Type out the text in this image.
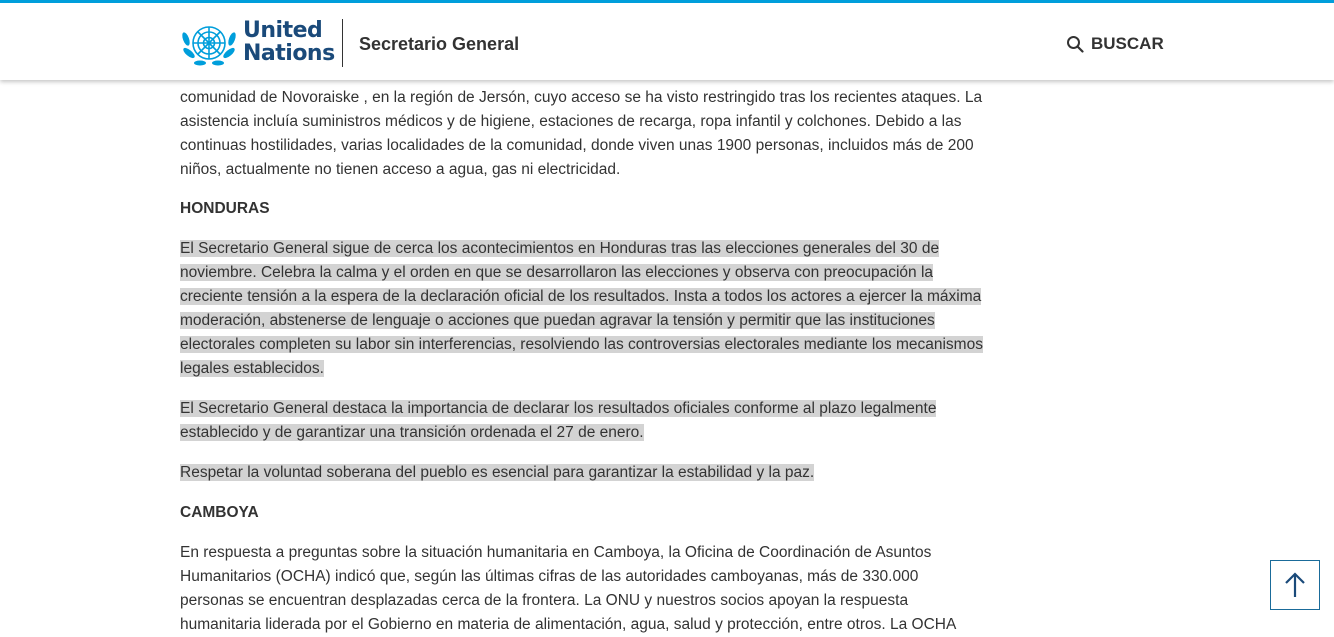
comunidad de Novoraiske , en la región de Jersón, cuyo acceso se ha visto restringido tras los recientes ataques. La asistencia incluía suministros médicos y de higiene, estaciones de recarga, ropa infantil y colchones. Debido a las continuas hostilidades, varias localidades de la comunidad, donde viven unas 1900 personas, incluidos más de 200 niños, actualmente no tienen acceso a agua, gas ni electricidad.

HONDURAS

El Secretario General sigue de cerca los acontecimientos en Honduras tras las elecciones generales del 30 de noviembre. Celebra la calma y el orden en que se desarrollaron las elecciones y observa con preocupación la creciente tensión a la espera de la declaración oficial de los resultados. Insta a todos los actores a ejercer la máxima moderación, abstenerse de lenguaje o acciones que puedan agravar la tensión y permitir que las instituciones electorales completen su labor sin interferencias, resolviendo las controversias electorales mediante los mecanismos legales establecidos.

El Secretario General destaca la importancia de declarar los resultados oficiales conforme al plazo legalmente establecido y de garantizar una transición ordenada el 27 de enero.

Respetar la voluntad soberana del pueblo es esencial para garantizar la estabilidad y la paz.

CAMBOYA

En respuesta a preguntas sobre la situación humanitaria en Camboya, la Oficina de Coordinación de Asuntos Humanitarios (OCHA) indicó que, según las últimas cifras de las autoridades camboyanas, más de 330.000 personas se encuentran desplazadas cerca de la frontera. La ONU y nuestros socios apoyan la respuesta humanitaria liderada por el Gobierno en materia de alimentación, agua, salud y protección, entre otros. La OCHA

United
Nations Secretario General	BUSCAR
